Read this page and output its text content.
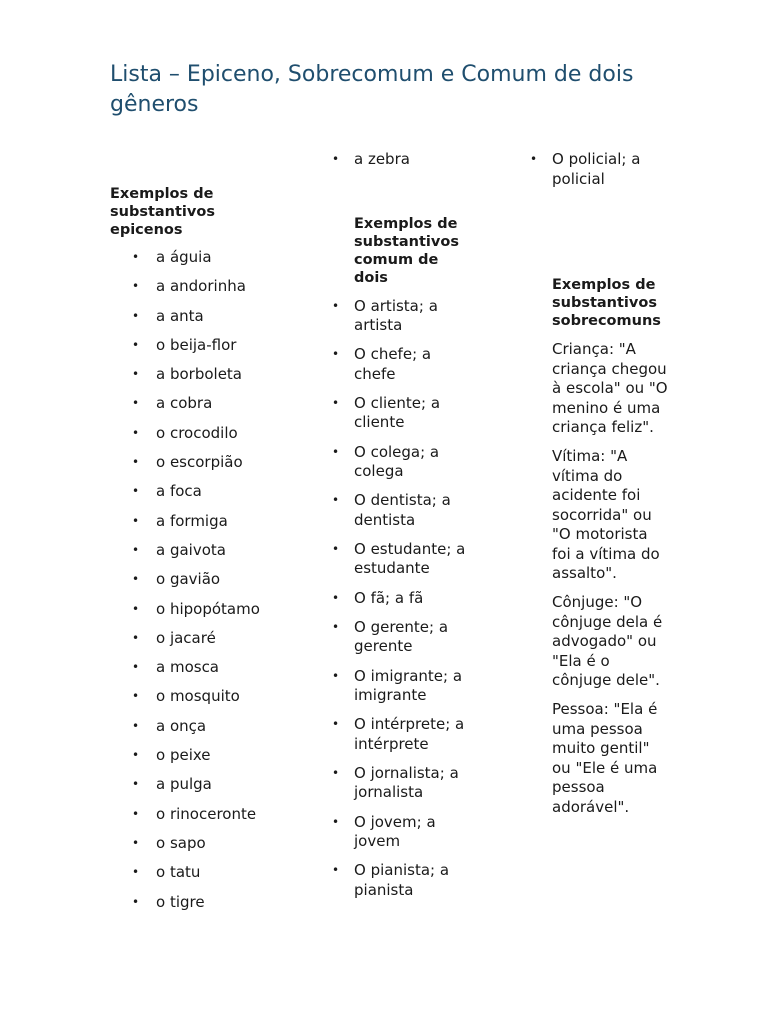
Lista – Epiceno, Sobrecomum e Comum de dois gêneros

Exemplos de substantivos epicenos

• a águia
• a andorinha
• a anta
• o beija-flor
• a borboleta
• a cobra
• o crocodilo
• o escorpião
• a foca
• a formiga
• a gaivota
• o gavião
• o hipopótamo
• o jacaré
• a mosca
• o mosquito
• a onça
• o peixe
• a pulga
• o rinoceronte
• o sapo
• o tatu
• o tigre
• a zebra

Exemplos de substantivos comum de dois

• O artista; a artista
• O chefe; a chefe
• O cliente; a cliente
• O colega; a colega
• O dentista; a dentista
• O estudante; a estudante
• O fã; a fã
• O gerente; a gerente
• O imigrante; a imigrante
• O intérprete; a intérprete
• O jornalista; a jornalista
• O jovem; a jovem
• O pianista; a pianista
• O policial; a policial

Exemplos de substantivos sobrecomuns

Criança: "A criança chegou à escola" ou "O menino é uma criança feliz".

Vítima: "A vítima do acidente foi socorrida" ou "O motorista foi a vítima do assalto".

Cônjuge: "O cônjuge dela é advogado" ou "Ela é o cônjuge dele".

Pessoa: "Ela é uma pessoa muito gentil" ou "Ele é uma pessoa adorável".
